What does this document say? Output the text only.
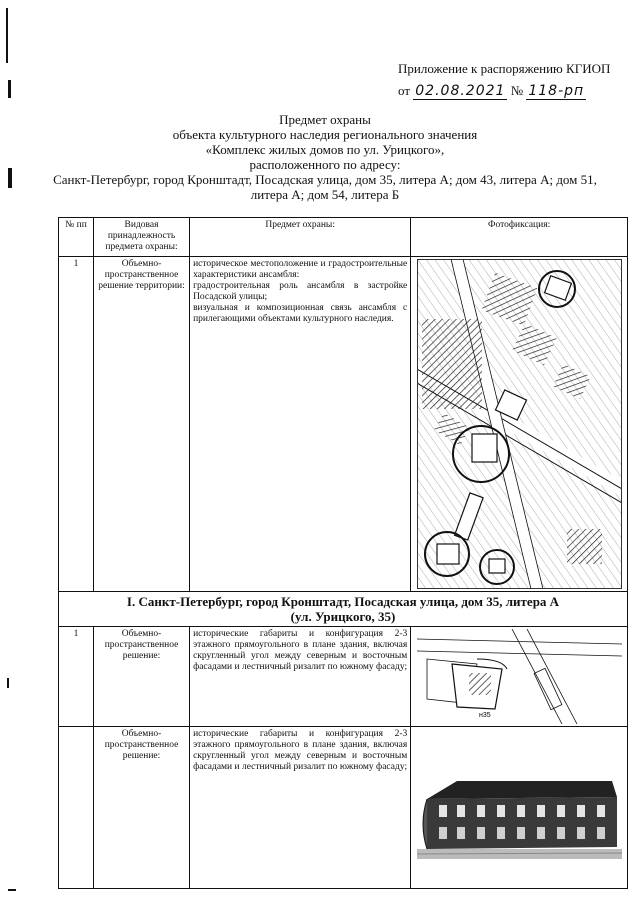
Приложение к распоряжению КГИОП
от 02.08.2021 № 118-рп
Предмет охраны
объекта культурного наследия регионального значения
«Комплекс жилых домов по ул. Урицкого»,
расположенного по адресу:
Санкт-Петербург, город Кронштадт, Посадская улица, дом 35, литера А; дом 43, литера А; дом 51,
литера А; дом 54, литера Б
№ пп	Видовая принадлежность предмета охраны:	Предмет охраны:	Фотофиксация:
1	Объемно-пространственное решение территории:	историческое местоположение и градостроительные
характеристики ансамбля:
градостроительная роль ансамбля в застройке Посадской улицы;
визуальная и композиционная связь ансамбля с прилегающими объектами культурного наследия.

I. Санкт-Петербург, город Кронштадт, Посадская улица, дом 35, литера А
(ул. Урицкого, 35)			

1	Объемно-пространственное решение:	исторические габариты и конфигурация 2-3 этажного прямоугольного в плане здания, включая скругленный угол между северным и восточным фасадами и лестничный ризалит по южному фасаду;	н35

	Объемно-пространственное решение:	исторические габариты и конфигурация 2-3 этажного прямоугольного в плане здания, включая скругленный угол между северным и восточным фасадами и лестничный ризалит по южному фасаду;	
